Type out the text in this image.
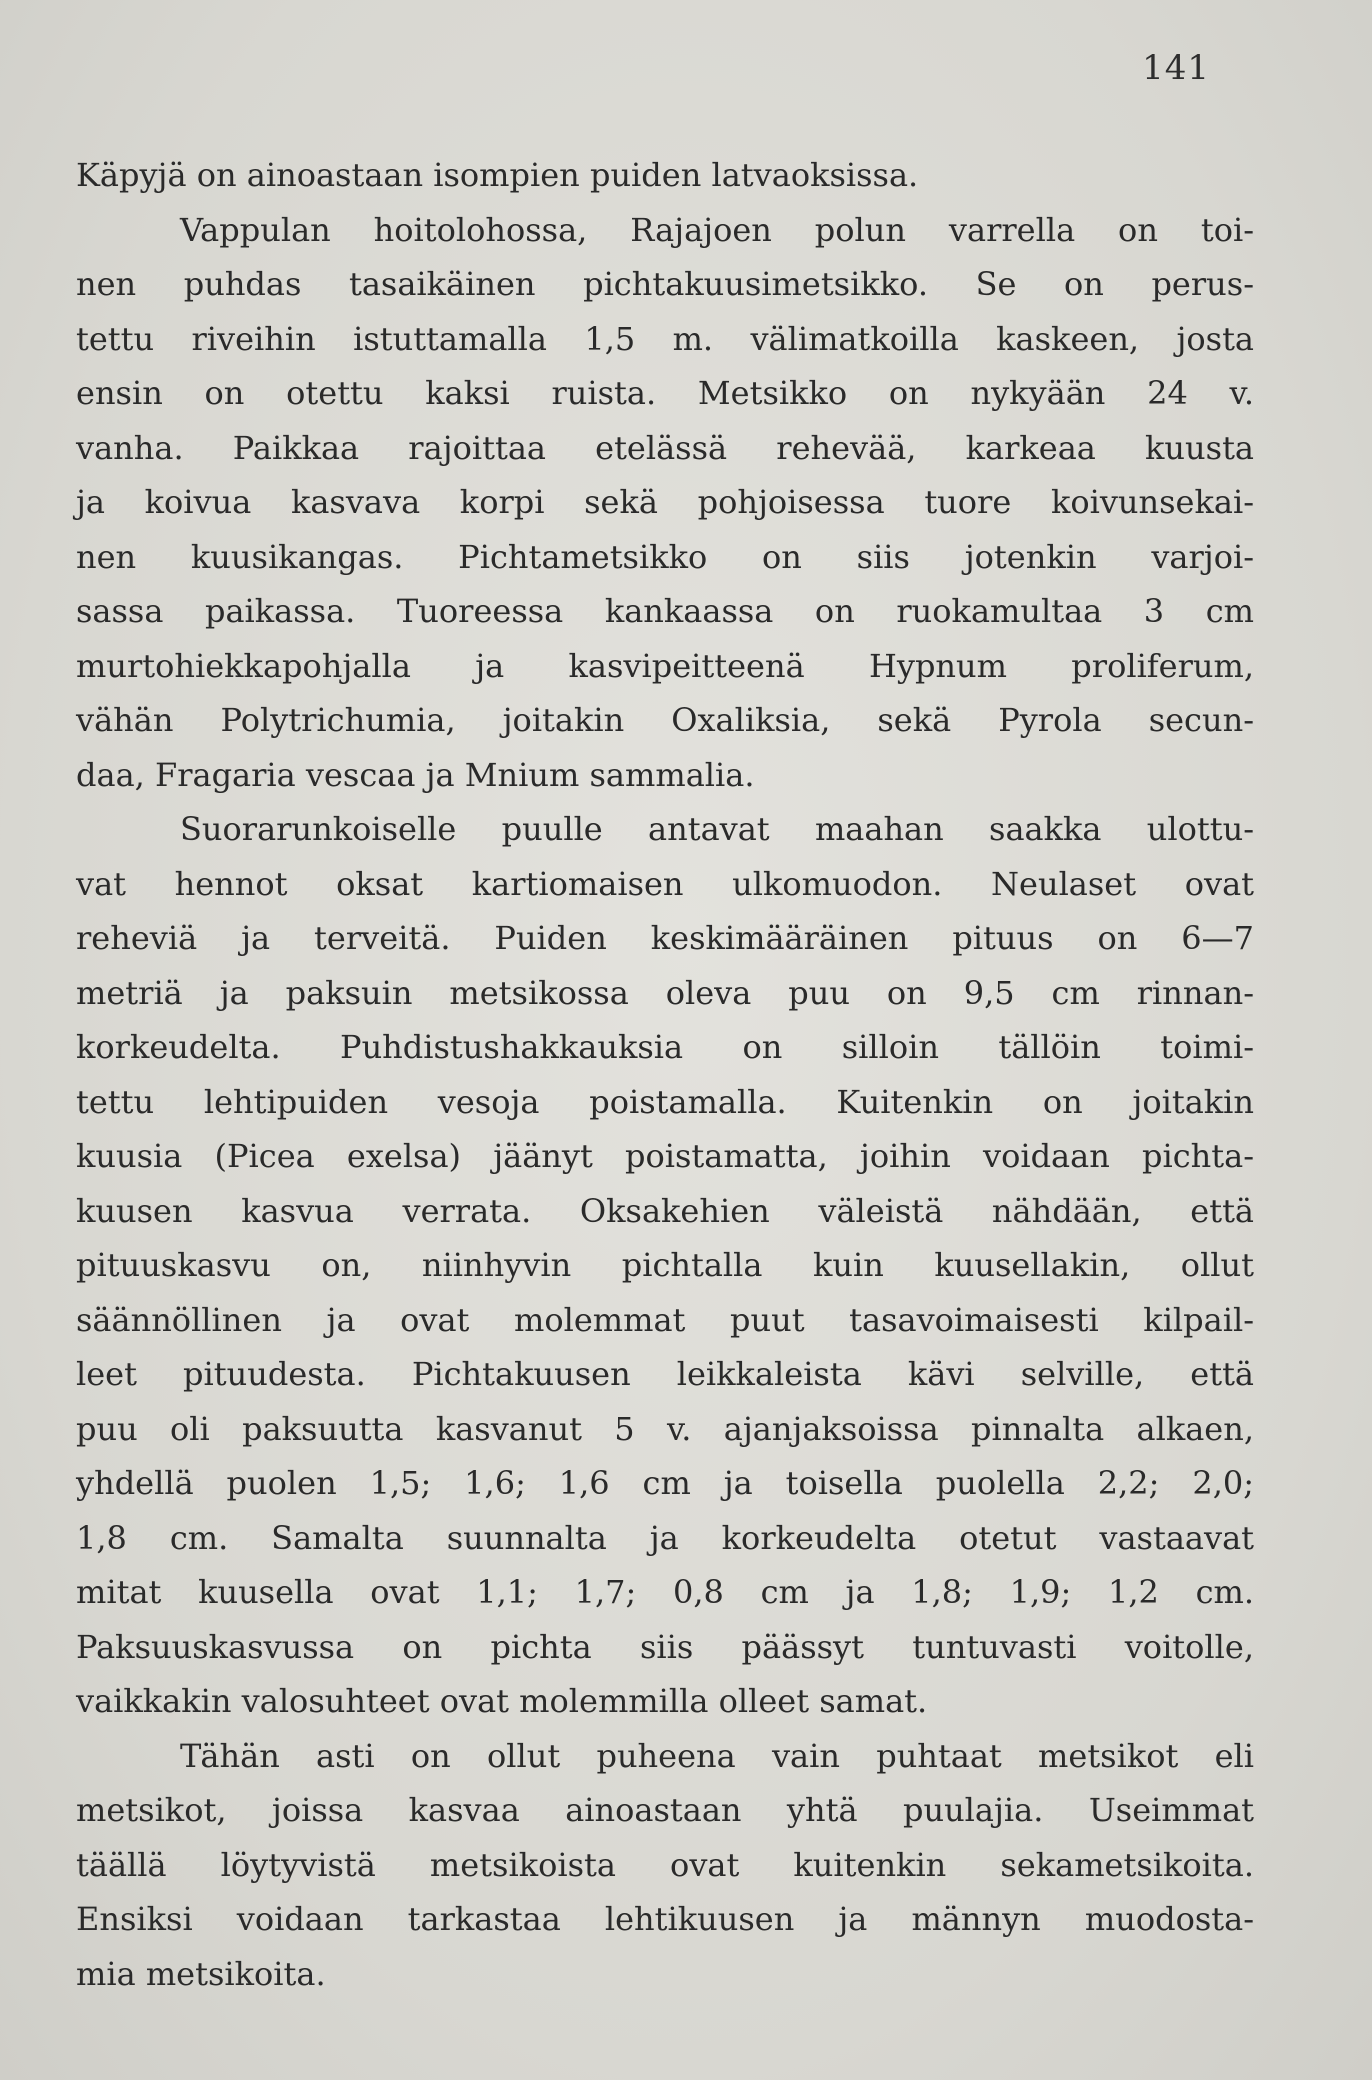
141
Käpyjä on ainoastaan isompien puiden latvaoksissa.
Vappulan hoitolohossa, Rajajoen polun varrella on toi-
nen puhdas tasaikäinen pichtakuusimetsikko. Se on perus-
tettu riveihin istuttamalla 1,5 m. välimatkoilla kaskeen, josta
ensin on otettu kaksi ruista. Metsikko on nykyään 24 v.
vanha. Paikkaa rajoittaa etelässä rehevää, karkeaa kuusta
ja koivua kasvava korpi sekä pohjoisessa tuore koivunsekai-
nen kuusikangas. Pichtametsikko on siis jotenkin varjoi-
sassa paikassa. Tuoreessa kankaassa on ruokamultaa 3 cm
murtohiekkapohjalla ja kasvipeitteenä Hypnum proliferum,
vähän Polytrichumia, joitakin Oxaliksia, sekä Pyrola secun-
daa, Fragaria vescaa ja Mnium sammalia.
Suorarunkoiselle puulle antavat maahan saakka ulottu-
vat hennot oksat kartiomaisen ulkomuodon. Neulaset ovat
reheviä ja terveitä. Puiden keskimääräinen pituus on 6—7
metriä ja paksuin metsikossa oleva puu on 9,5 cm rinnan-
korkeudelta. Puhdistushakkauksia on silloin tällöin toimi-
tettu lehtipuiden vesoja poistamalla. Kuitenkin on joitakin
kuusia (Picea exelsa) jäänyt poistamatta, joihin voidaan pichta-
kuusen kasvua verrata. Oksakehien väleistä nähdään, että
pituuskasvu on, niinhyvin pichtalla kuin kuusellakin, ollut
säännöllinen ja ovat molemmat puut tasavoimaisesti kilpail-
leet pituudesta. Pichtakuusen leikkaleista kävi selville, että
puu oli paksuutta kasvanut 5 v. ajanjaksoissa pinnalta alkaen,
yhdellä puolen 1,5; 1,6; 1,6 cm ja toisella puolella 2,2; 2,0;
1,8 cm. Samalta suunnalta ja korkeudelta otetut vastaavat
mitat kuusella ovat 1,1; 1,7; 0,8 cm ja 1,8; 1,9; 1,2 cm.
Paksuuskasvussa on pichta siis päässyt tuntuvasti voitolle,
vaikkakin valosuhteet ovat molemmilla olleet samat.
Tähän asti on ollut puheena vain puhtaat metsikot eli
metsikot, joissa kasvaa ainoastaan yhtä puulajia. Useimmat
täällä löytyvistä metsikoista ovat kuitenkin sekametsikoita.
Ensiksi voidaan tarkastaa lehtikuusen ja männyn muodosta-
mia metsikoita.
